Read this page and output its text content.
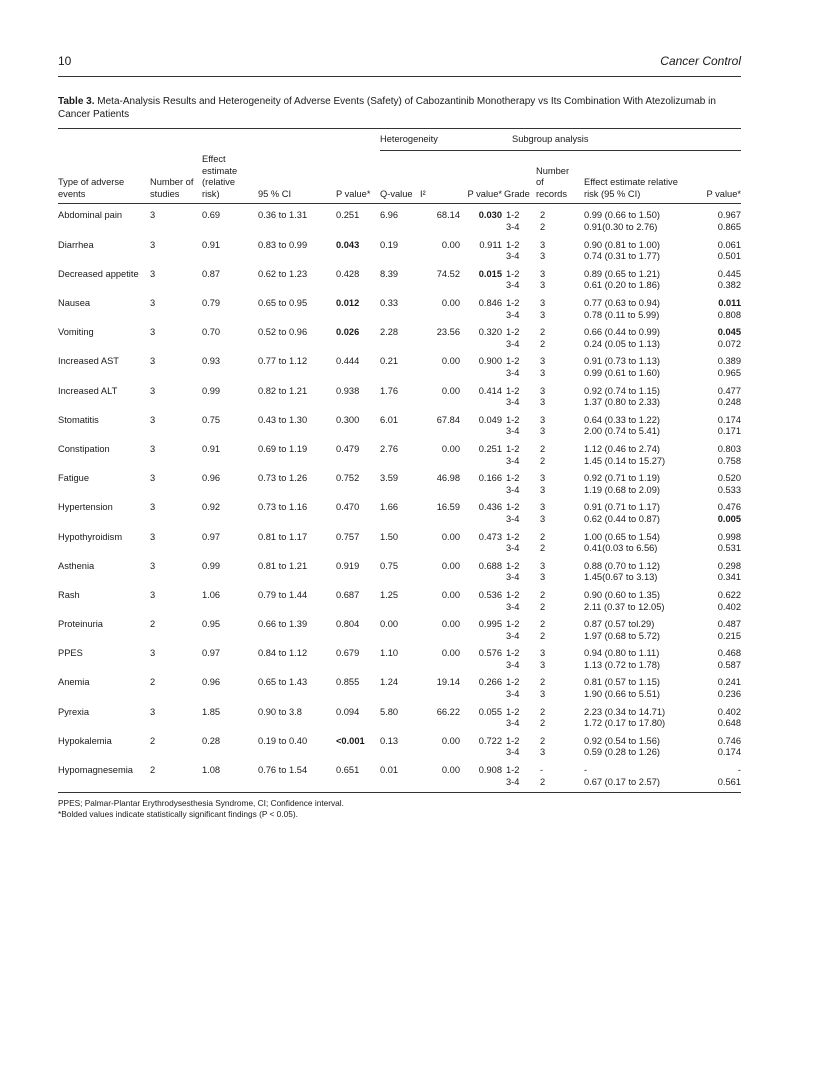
10	Cancer Control
Table 3. Meta-Analysis Results and Heterogeneity of Adverse Events (Safety) of Cabozantinib Monotherapy vs Its Combination With Atezolizumab in Cancer Patients
					Heterogeneity			Subgroup analysis			
Type of adverse events	Number of studies	Effect estimate (relative risk)	95 % CI	P value*	Q-value	I²	P value*	Grade	Number of records	Effect estimate relative risk (95 % CI)	P value*
Abdominal pain	3	0.69	0.36 to 1.31	0.251	6.96	68.14	0.030	1-2	2	0.99 (0.66 to 1.50)	0.967
								3-4	2	0.91(0.30 to 2.76)	0.865
Diarrhea	3	0.91	0.83 to 0.99	0.043	0.19	0.00	0.911	1-2	3	0.90 (0.81 to 1.00)	0.061
								3-4	3	0.74 (0.31 to 1.77)	0.501
Decreased appetite	3	0.87	0.62 to 1.23	0.428	8.39	74.52	0.015	1-2	3	0.89 (0.65 to 1.21)	0.445
								3-4	3	0.61 (0.20 to 1.86)	0.382
Nausea	3	0.79	0.65 to 0.95	0.012	0.33	0.00	0.846	1-2	3	0.77 (0.63 to 0.94)	0.011
								3-4	3	0.78 (0.11 to 5.99)	0.808
Vomiting	3	0.70	0.52 to 0.96	0.026	2.28	23.56	0.320	1-2	2	0.66 (0.44 to 0.99)	0.045
								3-4	2	0.24 (0.05 to 1.13)	0.072
Increased AST	3	0.93	0.77 to 1.12	0.444	0.21	0.00	0.900	1-2	3	0.91 (0.73 to 1.13)	0.389
								3-4	3	0.99 (0.61 to 1.60)	0.965
Increased ALT	3	0.99	0.82 to 1.21	0.938	1.76	0.00	0.414	1-2	3	0.92 (0.74 to 1.15)	0.477
								3-4	3	1.37 (0.80 to 2.33)	0.248
Stomatitis	3	0.75	0.43 to 1.30	0.300	6.01	67.84	0.049	1-2	3	0.64 (0.33 to 1.22)	0.174
								3-4	3	2.00 (0.74 to 5.41)	0.171
Constipation	3	0.91	0.69 to 1.19	0.479	2.76	0.00	0.251	1-2	2	1.12 (0.46 to 2.74)	0.803
								3-4	2	1.45 (0.14 to 15.27)	0.758
Fatigue	3	0.96	0.73 to 1.26	0.752	3.59	46.98	0.166	1-2	3	0.92 (0.71 to 1.19)	0.520
								3-4	3	1.19 (0.68 to 2.09)	0.533
Hypertension	3	0.92	0.73 to 1.16	0.470	1.66	16.59	0.436	1-2	3	0.91 (0.71 to 1.17)	0.476
								3-4	3	0.62 (0.44 to 0.87)	0.005
Hypothyroidism	3	0.97	0.81 to 1.17	0.757	1.50	0.00	0.473	1-2	2	1.00 (0.65 to 1.54)	0.998
								3-4	2	0.41(0.03 to 6.56)	0.531
Asthenia	3	0.99	0.81 to 1.21	0.919	0.75	0.00	0.688	1-2	3	0.88 (0.70 to 1.12)	0.298
								3-4	3	1.45(0.67 to 3.13)	0.341
Rash	3	1.06	0.79 to 1.44	0.687	1.25	0.00	0.536	1-2	2	0.90 (0.60 to 1.35)	0.622
								3-4	2	2.11 (0.37 to 12.05)	0.402
Proteinuria	2	0.95	0.66 to 1.39	0.804	0.00	0.00	0.995	1-2	2	0.87 (0.57 tol.29)	0.487
								3-4	2	1.97 (0.68 to 5.72)	0.215
PPES	3	0.97	0.84 to 1.12	0.679	1.10	0.00	0.576	1-2	3	0.94 (0.80 to 1.11)	0.468
								3-4	3	1.13 (0.72 to 1.78)	0.587
Anemia	2	0.96	0.65 to 1.43	0.855	1.24	19.14	0.266	1-2	2	0.81 (0.57 to 1.15)	0.241
								3-4	3	1.90 (0.66 to 5.51)	0.236
Pyrexia	3	1.85	0.90 to 3.8	0.094	5.80	66.22	0.055	1-2	2	2.23 (0.34 to 14.71)	0.402
								3-4	2	1.72 (0.17 to 17.80)	0.648
Hypokalemia	2	0.28	0.19 to 0.40	<0.001	0.13	0.00	0.722	1-2	2	0.92 (0.54 to 1.56)	0.746
								3-4	3	0.59 (0.28 to 1.26)	0.174
Hypomagnesemia	2	1.08	0.76 to 1.54	0.651	0.01	0.00	0.908	1-2	-	-	-
								3-4	2	0.67 (0.17 to 2.57)	0.561
PPES; Palmar-Plantar Erythrodysesthesia Syndrome, CI; Confidence interval.
*Bolded values indicate statistically significant findings (P < 0.05).
